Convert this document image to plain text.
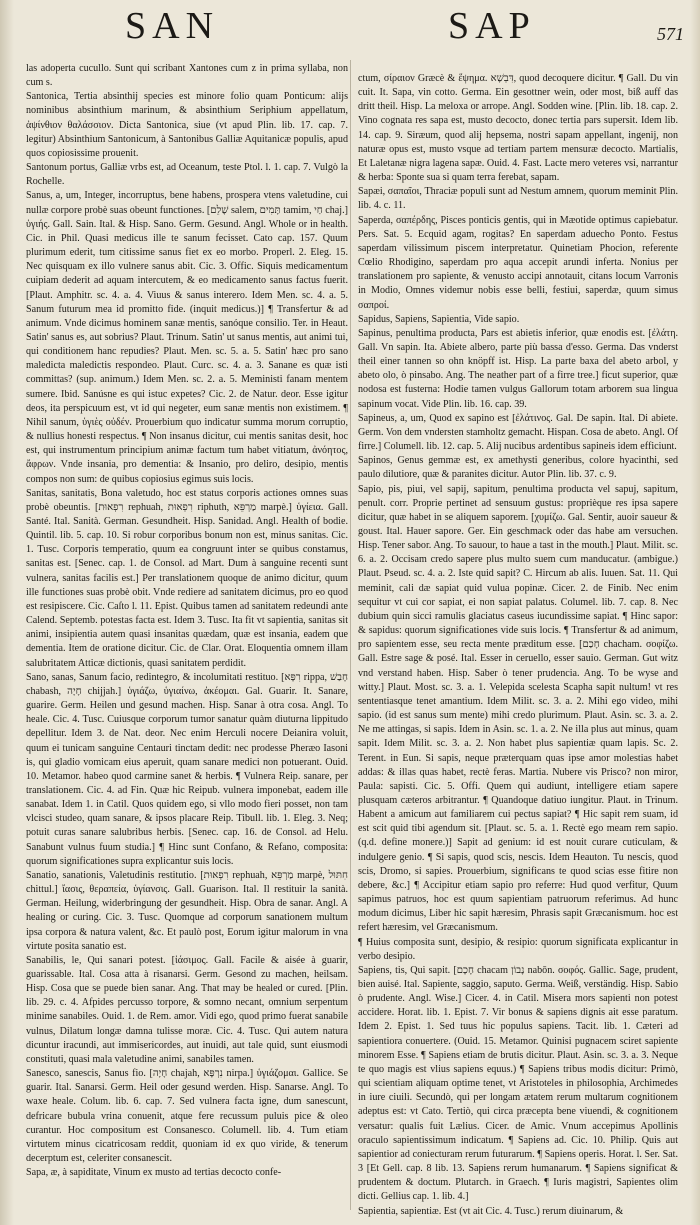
SAN	SAP	571

las adoperta cucullo. Sunt qui scribant Xantones cum z in prima syllaba, non cum s.

Santonica, Tertia absinthij species est minore folio quam Ponticum: alijs nominibus absinthium marinum, & absinthium Seriphium appellatum, ἀψίνθιον θαλάσσιον. Dicta Santonica, siue (vt apud Plin. lib. 17. cap. 7. legitur) Absinthium Santonicum, à Santonibus Galliæ Aquitanicæ populis, apud quos copiosissime prouenit.

Santonum portus, Galliæ vrbs est, ad Oceanum, teste Ptol. l. 1. cap. 7. Vulgò la Rochelle.

Sanus, a, um, Integer, incorruptus, bene habens, prospera vtens valetudine, cui nullæ corpore probè suas obeunt functiones. [שָׁלֵם salem, תָּמִים tamim, חַי chaj.] ὑγιής. Gall. Sain. Ital. & Hisp. Sano. Germ. Gesund. Angl. Whole or in health. Cic. in Phil. Quasi medicus ille te sanum fecisset. Cato cap. 157. Quum plurimum ederit, tum citissime sanus fiet ex eo morbo. Properl. 2. Eleg. 15. Nec quisquam ex illo vulnere sanus abit. Cic. 3. Offic. Siquis medicamentum cuipiam dederit ad aquam intercutem, & eo medicamento sanus factus fuerit. [Plaut. Amphitr. sc. 4. a. 4. Viuus & sanus interero. Idem Men. sc. 4. a. 5. Sanum futurum mea id promitto fide. (inquit medicus.)] ¶ Transfertur & ad animum. Vnde dicimus hominem sanæ mentis, sanóque consilio. Ter. in Heaut. Satin' sanus es, aut sobrius? Plaut. Trinum. Satin' ut sanus mentis, aut animi tui, qui conditionem hanc repudies? Plaut. Men. sc. 5. a. 5. Satin' hæc pro sano maledicta maledictis respondeo. Plaut. Curc. sc. 4. a. 3. Sanane es quæ isti committas? (sup. animum.) Idem Men. sc. 2. a. 5. Meministi fanam mentem sumere. Ibid. Sanúsne es qui istuc expetes? Cic. 2. de Natur. deor. Esse igitur deos, ita perspicuum est, vt id qui negeter, eum sanæ mentis non existimem. ¶ Nihil sanum, ὑγιὲς οὐδέν. Prouerbium quo indicatur summa morum corruptio, & nullius honesti respectus. ¶ Non insanus dicitur, cui mentis sanitas desit, hoc est, qui instrumentum principium animæ factum tum habet vitiatum, ἀνόητος, ἄφρων. Vnde insania, pro dementia: & Insanio, pro deliro, desipio, mentis compos non sum: de quibus copiosius egimus suis locis.

Sanitas, sanitatis, Bona valetudo, hoc est status corporis actiones omnes suas probè obeuntis. [רִפְאוּת rephuah, רִפְאוּת riphuth, מַרְפֵּא marpè.] ὑγίεια. Gall. Santé. Ital. Sanità. German. Gesundheit. Hisp. Sanidad. Angl. Health of bodie. Quintil. lib. 5. cap. 10. Si robur corporibus bonum non est, minus sanitas. Cic. 1. Tusc. Corporis temperatio, quum ea congruunt inter se quibus constamus, sanitas est. [Senec. cap. 1. de Consol. ad Mart. Dum à sanguine recenti sunt vulnera, sanitas facilis est.] Per translationem quoque de animo dicitur, quum ille functiones suas probè obit. Vnde rediere ad sanitatem dicimus, pro eo quod est resipiscere. Cic. Caſto l. 11. Epist. Quibus tamen ad sanitatem redeundi ante Calend. Septemb. potestas facta est. Idem 3. Tusc. Ita fit vt sapientia, sanitas sit animi, insipientia autem quasi insanitas quædam, quæ est insania, eadem que dementia. Item de oratione dicitur. Cic. de Clar. Orat. Eloquentia omnem illam salubritatem Atticæ dictionis, quasi sanitatem perdidit.

Sano, sanas, Sanum facio, redintegro, & incolumitati restituo. [רִפָּא rippa, חָבַשׁ chabash, חָיָה chijjah.] ὑγιάζω, ὑγιαίνω, ἀκέομαι. Gal. Guarir. It. Sanare, guarire. Germ. Heilen und gesund machen. Hisp. Sanar à otra cosa. Angl. To heale. Cic. 4. Tusc. Cuiusque corporum tumor sanatur quàm diuturna lippitudo depellitur. Idem 3. de Nat. deor. Nec enim Herculi nocere Deianira voluit, quum ei tunicam sanguine Centauri tinctam dedit: nec prodesse Pheræo Iasoni is, qui gladio vomicam eius aperuit, quam sanare medici non potuerant. Ouid. 10. Metamor. habeo quod carmine sanet & herbis. ¶ Vulnera Reip. sanare, per translationem. Cic. 4. ad Fin. Quæ hic Reipub. vulnera imponebat, eadem ille sanabat. Idem 1. in Catil. Quos quidem ego, si vllo modo fieri posset, non tam vlcisci studeo, quam sanare, & ipsos placare Reip. Tibull. lib. 1. Eleg. 3. Neq; potuit curas sanare salubribus herbis. [Senec. cap. 16. de Consol. ad Helu. Sanabunt vulnus fuum studia.] ¶ Hinc sunt Confano, & Refano, composita: quorum significationes supra explicantur suis locis.

Sanatio, sanationis, Valetudinis restitutio. [רִפְאוּת rephuah, מַרְפֵּא marpè, חִתּוּל chittul.] ἴασις, θεραπεία, ὑγίανσις. Gall. Guarison. Ital. Il restituir la sanità. German. Heilung, widerbringung der gesundheit. Hisp. Obra de sanar. Angl. A healing or curing. Cic. 3. Tusc. Quomque ad corporum sanationem multum ipsa corpora & natura valent, &c. Et paulò post, Eorum igitur malorum in vna virtute posita sanatio est.

Sanabilis, le, Qui sanari potest. [ἰάσιμος. Gall. Facile & aisée à guarir, guarissable. Ital. Cosa atta à risanarsi. Germ. Gesond zu machen, heilsam. Hisp. Cosa que se puede bien sanar. Ang. That may be healed or cured. [Plin. lib. 29. c. 4. Afpides percusso torpore, & somno necant, omnium serpentum minime sanabiles. Ouid. 1. de Rem. amor. Vidi ego, quod primo fuerat sanabile vulnus, Dilatum longæ damna tulisse moræ. Cic. 4. Tusc. Qui autem natura dicuntur iracundi, aut immisericordes, aut inuidi, aut tale quid, sunt eiusmodi constituti, quasi mala valetudine animi, sanabiles tamen.

Sanesco, sanescis, Sanus fio. [חָיָה chajah, נִרְפָּא nirpa.] ὑγιάζομαι. Gallice. Se guarir. Ital. Sanarsi. Germ. Heil oder gesund werden. Hisp. Sanarse. Angl. To waxe heale. Colum. lib. 6. cap. 7. Sed vulnera facta igne, dum sanescunt, defricare bubula vrina conuenit, atque fere recussum puluis pice & oleo curantur. Hoc compositum est Consanesco. Columell. lib. 4. Tum etiam virtutem minus cicatricosam reddit, quoniam id ex quo viride, & tenerum decerptum est, celeriter consanescit.

Sapa, æ, à sapiditate, Vinum ex musto ad tertias decocto confe-

ctum, σίραιον Græcè & ἕψημα. דִּבְשָׁא, quod decoquere dicitur. ¶ Gall. Du vin cuit. It. Sapa, vin cotto. Germa. Ein gesottner wein, oder most, biß auff das dritt theil. Hisp. La meloxa or arrope. Angl. Sodden wine. [Plin. lib. 18. cap. 2. Vino cognata res sapa est, musto decocto, donec tertia pars supersit. Idem lib. 14. cap. 9. Siræum, quod alij hepsema, nostri sapam appellant, ingenij, non naturæ opus est, musto vsque ad tertiam partem mensuræ decocto. Martialis, Et Laletanæ nigra lagena sapæ. Ouid. 4. Fast. Lacte mero veteres vsi, narrantur & herba: Sponte sua si quam terra ferebat, sapam.

Sapæi, σαπαῖοι, Thraciæ populi sunt ad Nestum amnem, quorum meminit Plin. lib. 4. c. 11.

Saperda, σαπέρδης, Pisces ponticis gentis, qui in Mæotide optimus capiebatur. Pers. Sat. 5. Ecquid agam, rogitas? En saperdam aduecho Ponto. Festus saperdam vilissimum piscem interpretatur. Quinetiam Phocion, referente Cœlio Rhodigino, saperdam pro aqua accepit arundi inferta. Nonius per translationem pro sapiente, & venusto accipi annotauit, citans locum Varronis in Modio, Omnes videmur nobis esse belli, festiui, saperdæ, quum simus σαπροί.

Sapidus, Sapiens, Sapientia, Vide sapio.

Sapinus, penultima producta, Pars est abietis inferior, quæ enodis est. [ἐλάτη. Gall. Vn sapin. Ita. Abiete albero, parte più bassa d'esso. Germa. Das vnderst theil einer tannen so ohn knöpff ist. Hisp. La parte baxa del abeto arbol, y abeto olo, ò pinsabo. Ang. The neather part of a firre tree.] ficut superior, quæ nodosa est fusterna: Hodie tamen vulgus Gallorum totam arborem sua lingua sapinum vocat. Vide Plin. lib. 16. cap. 39.

Sapineus, a, um, Quod ex sapino est [ἐλάτινος. Gal. De sapin. Ital. Di abiete. Germ. Von dem vndersten stamholtz gemacht. Hispan. Cosa de abeto. Angl. Of firre.] Columell. lib. 12. cap. 5. Alij nucibus ardentibus sapineis idem efficiunt.

Sapinos, Genus gemmæ est, ex amethysti generibus, colore hyacinthi, sed paulo dilutiore, quæ & paranites dicitur. Autor Plin. lib. 37. c. 9.

Sapio, pis, piui, vel sapij, sapitum, penultima producta vel sapuj, sapitum, penult. corr. Proprie pertinet ad sensuum gustus: proprièque res ipsa sapere dicitur, quæ habet in se aliquem saporem. [χυμίζω. Gal. Sentir, auoir saueur & goust. Ital. Hauer sapore. Ger. Ein geschmack oder das habe am versuchen. Hisp. Tener sabor. Ang. To sauour, to haue a tast in the mouth.] Plaut. Milit. sc. 6. a. 2. Occisam credo sapere plus multo suem cum manducatur. (ambigue.) Plaut. Pseud. sc. 4. a. 2. Iste quid sapit? C. Hircum ab alis. Iuuen. Sat. 11. Qui meminit, cali dæ sapiat quid vulua popinæ. Cicer. 2. de Finib. Nec enim sequitur vt cui cor sapiat, ei non sapiat palatus. Columel. lib. 7. cap. 8. Nec dubium quin sicci ramulis glaciatus caseus iucundissime sapiat. ¶ Hinc sapor: & sapidus: quorum significationes vide suis locis. ¶ Transfertur & ad animum, pro sapientem esse, seu recta mente præditum esse. [חָכַם chacham. σοφίζω. Gall. Estre sage & posé. Ital. Esser in ceruello, esser sauio. German. Gut witz vnd verstand haben. Hisp. Saber ò tener prudencia. Ang. To be wyse and witty.] Plaut. Most. sc. 3. a. 1. Velepida scelesta Scapha sapit nultum! vt res sententiasque tenet amantium. Idem Milit. sc. 3. a. 2. Mihi ego video, mihi sapio. (id est sanus sum mente) mihi credo plurimum. Plaut. Asin. sc. 3. a. 2. Ne me attingas, si sapis. Idem in Asin. sc. 1. a. 2. Ne illa plus aut minus, quam sapit. Idem Milit. sc. 3. a. 2. Non habet plus sapientiæ quam lapis. Sc. 2. Terent. in Eun. Si sapis, neque præterquam quas ipse amor molestias habet addas: & illas quas habet, rectè feras. Martia. Nubere vis Prisco? non miror, Paula: sapisti. Cic. 5. Offi. Quem qui audiunt, intelligere etiam sapere plusquam cæteros arbitrantur. ¶ Quandoque datiuo iungitur. Plaut. in Trinum. Habent a amicum aut familiarem cui pectus sapiat? ¶ Hic sapit rem suam, id est scit quid tibi agendum sit. [Plaut. sc. 5. a. 1. Rectè ego meam rem sapio. (q.d. define monere.)] Sapit ad genium: id est nouit curare cuticulam, & indulgere genio. ¶ Si sapis, quod scis, nescis. Idem Heauton. Tu nescis, quod scis, Dromo, si sapies. Prouerbium, significans te quod scias esse fitire non debere, &c.] ¶ Accipitur etiam sapio pro referre: Hud quod verfitur, Quum sapimus patruos, hoc est quum sapientiam patruorum referimus. Ad hunc modum dicimus, Liber hic sapit hæresim, Phrasis sapit Græcanismum. hoc est refert hæresim, vel Græcanismum.

¶ Huius composita sunt, desipio, & resipio: quorum significata explicantur in verbo desipio.

Sapiens, tis, Qui sapit. [חָכָם chacam נָבוֹן nabōn. σοφός. Gallic. Sage, prudent, bien auisé. Ital. Sapiente, saggio, saputo. Germa. Weiß, verständig. Hisp. Sabio ò prudente. Angl. Wise.] Cicer. 4. in Catil. Misera mors sapienti non potest accidere. Horat. lib. 1. Epist. 7. Vir bonus & sapiens dignis ait esse paratum. Idem 2. Epist. 1. Sed tuus hic populus sapiens. Tacit. lib. 1. Cæteri ad sapientiora conuertere. (Ouid. 15. Metamor. Quinisi pugnacem sciret sapiente minorem Esse. ¶ Sapiens etiam de brutis dicitur. Plaut. Asin. sc. 3. a. 3. Neque te quo magis est vlius sapiens equus.) ¶ Sapiens tribus modis dicitur: Primò, qui scientiam aliquam optime tenet, vt Aristoteles in philosophia, Archimedes in iure ciuili. Secundò, qui per longam ætatem rerum multarum cognitionem adeptus est: vt Cato. Tertiò, qui circa præcepta bene viuendi, & cognitionem versatur: qualis fuit Lælius. Cicer. de Amic. Vnum accepimus Apollinis oraculo sapientissimum indicatum. ¶ Sapiens ad. Cic. 10. Philip. Quis aut sapientior ad coniecturam rerum futurarum. ¶ Sapiens operis. Horat. l. Ser. Sat. 3 [Et Gell. cap. 8 lib. 13. Sapiens rerum humanarum. ¶ Sapiens significat & prudentem & doctum. Plutarch. in Graech. ¶ Iuris magistri, Sapientes olim dicti. Gellius cap. 1. lib. 4.]

Sapientia, sapientiæ. Est (vt ait Cic. 4. Tusc.) rerum diuinarum, &
